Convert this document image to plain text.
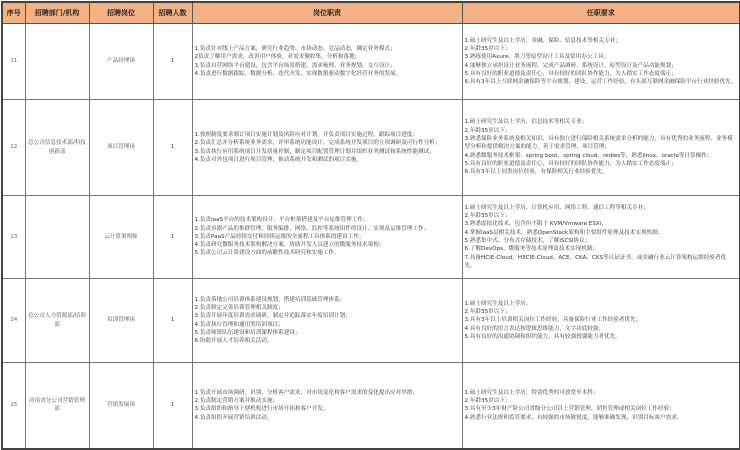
序号	招聘部门/机构	招聘岗位	招聘人数	岗位职责	任职要求
11		产品经理岗	1	
1.负责针对线上产品方案，研究行业趋势、市场动态、竞品动态，确定业务模式；
2负责了解用户需求，改善用户体验，对需求做收集，分析和落地；
3.负责自营网络平台建设，包含平台场景搭建，需求梳理，业务规划，交互设计；
4.负责进行数据跟踪、数据分析、迭代开发，实现数据驱动数字化经营业务的发展。

1.硕士研究生及以上学历，金融、保险、信息技术等相关专业；
2.年龄35岁以下；
3.熟练使用Axure、墨刀等原型设计工具及常用办公工具；
4.能够独立承担设计业务流程，完成产品调研、系统设计、原型设计及产品功能规划；
5.具有良好的职业道德及责任心，具有较好的团队协作能力，为人踏实工作态度端正；
6.具有3年以上互联网金融保险等平台规划，建设，运营工作经验，有头部互联网金融保险平台行业经验优先。

12	总公司信息技术部/科技创新部	项目管理岗	1	
1.按照制度要求制订项目实施计划及风险应对计划，并负责项目实施过程，跟踪项目进度；
2.负责汇总并分析系统业务需求，评审系统功能设计，完成系统开发项目的立项调研及可行性分析；
3.负责执行应用系统项目开发质量控制，制定项目配置管理计划并组织业务测试和系统性能测试；
4.负责对外包项目进行项目管理，推动系统开发和测试的项目实施。

1.硕士研究生及以上学历，信息技术等相关专业；
2.年龄35岁以下；
3.熟悉保险业务系统及相关知识，具有独立进行保险相关系统需求分析的能力，具有优秀的业务流程、业务模型分析和提供解决方案的能力，善于需求管理、项目管理；
4.熟悉微服务技术框架：spring boot、spring cloud、redies等，熟悉linux、oracle等日常操作；
5.具有良好的职业道德及责任心，具有较好的团队协作能力，为人踏实工作态度端正；
6.具有3年以上同类岗位经验，有保险相关行业经验优先。

13		云计算架构师	1	
1.负责IaaS平台的技术架构设计，平台框架搭建及平台运维管理工作；
2.负责容器产品的集群管理、服务编排、网络、监控等系统组件的设计、实现及运维管理工作；
3.负责PaaS产品持续交付和持续运维的全流程工具体系的建设工作；
4.负责研究微服务技术架构解决方案，协助开发人员建立的微服务技术架构；
5.负责公司云计算建设方面的前瞻性技术研究和实施工作。

1.硕士研究生及以上学历，计算机应用、网络工程、通信工程等相关专业；
2.年龄35岁以下；
3.熟悉虚拟化技术，包含但不限于 KVM/Vmware ESXi；
4.掌握IaaS层相关技术，熟悉OpenStack架构和主要组件原理及技术实现机制；
5.熟悉集中式、分布式存储技术，了解iSCSI协议；
6.了解DevOps、微服务等技术原理及技术实现机制；
7.具备HCIE-Cloud、H3CIE-Cloud、ACE、CKA、CKS等认证证书，或金融行业云计算架构运维经验者优先。

14	总公司人力资源部/培训部	培训管理岗	1	
1.负责落地公司培训体系建设规划，搭建培训基础管理体系；
2.负责制定完善培训管理相关制度；
3.负责开展年度培训需求调研，制定并追踪落实年度培训计划；
4.负责执行管理和通用类培训项目；
5.负责师资队伍建设和培训课程体系建设；
6.协助开展人才培养相关活动。

1.硕士研究生及以上学历；
2.年龄35岁以下；
3.具有3年以上培训相关岗位工作经验，具备保险行业工作经验者优先；
4.具有良好的语言表达和逻辑思维能力，文字功底较强；
5.具有良好的沟通协调和组织能力，具有较强授课能力者优先。

15	河南省分公司营销管理部	营销发展岗	1	
1.负责开展市场调研，识别、分析客户需求，对市场变化和客户需求的变化提出应对举措；
2.负责制定营销方案并推动实施；
3.负责组织和指导下辖机构进行市场开拓和客户开发；
4.负责组织开展营销培训活动。

1.硕士研究生及以上学历，特别优秀的可放宽至本科；
2.年龄35岁以下；
3.具有至少3年财产险公司省级分公司以上营销管理、销售管理或相关岗位工作经验；
4.熟悉行业法规和监管要求，有较强的市场敏锐度，能够准确发现、识别目标客户需求。
